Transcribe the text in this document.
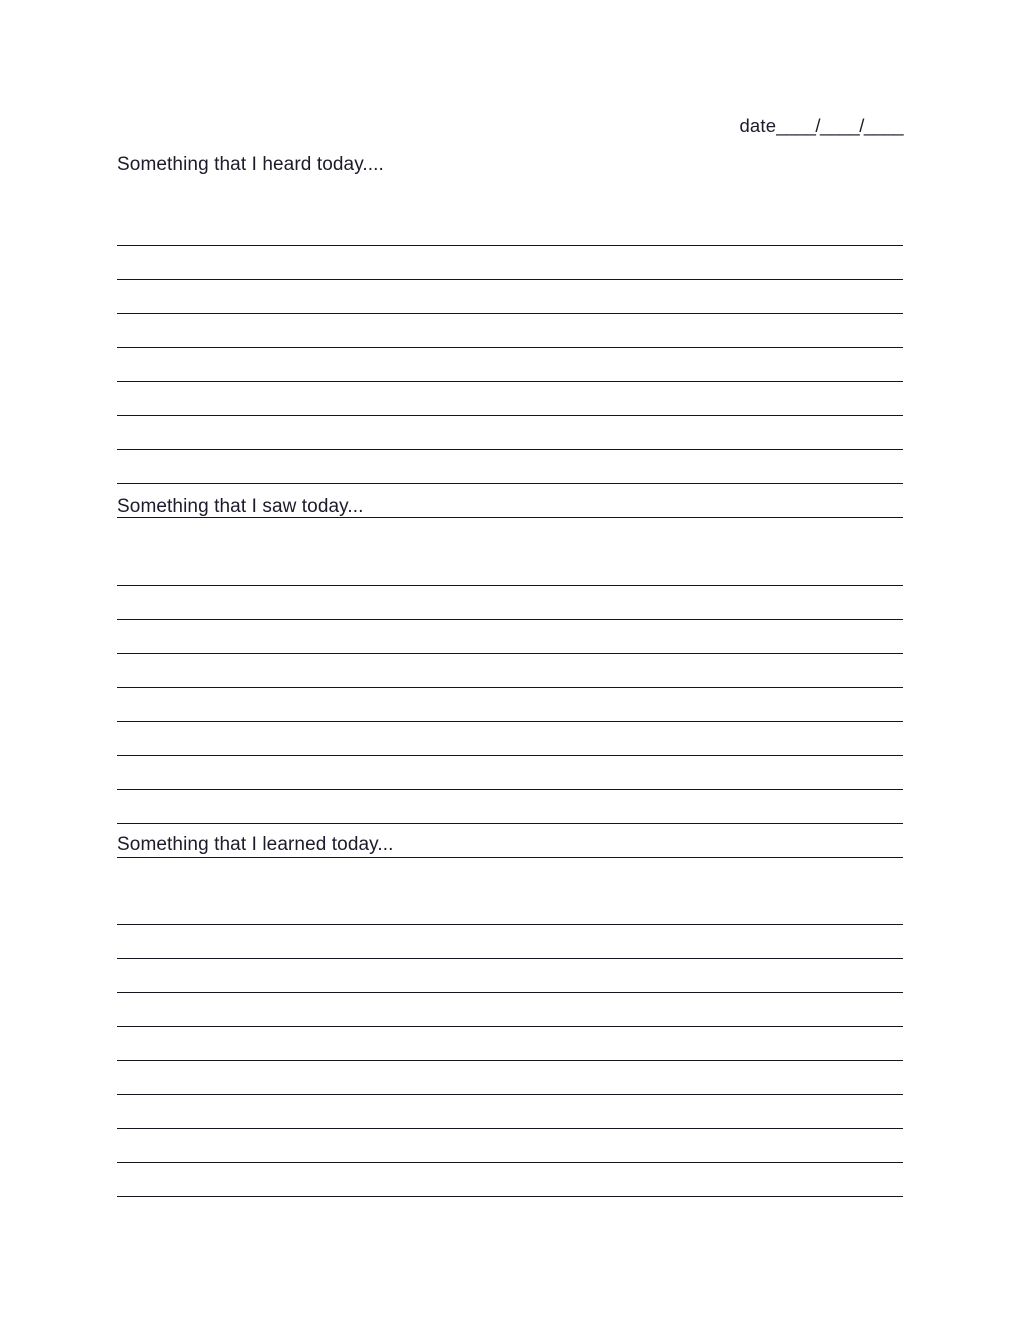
date____/____/____
Something that I heard today....
Something that I saw today...
Something that I learned today...
